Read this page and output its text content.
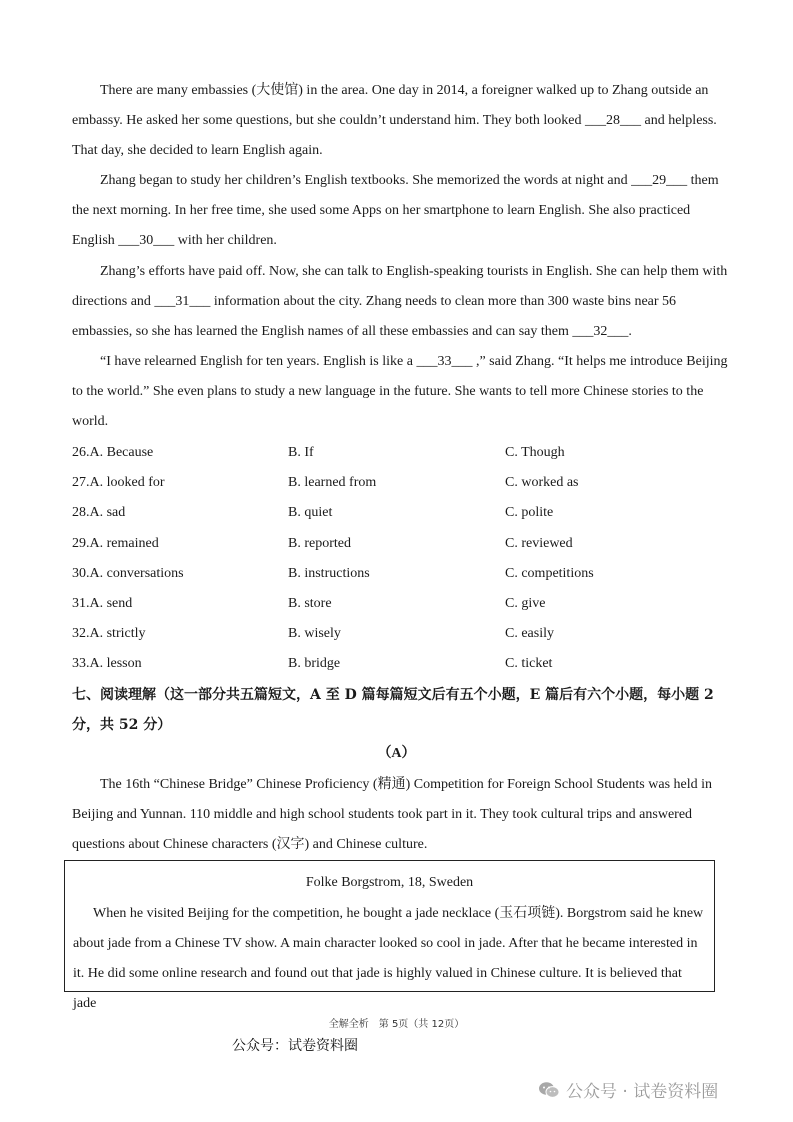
There are many embassies (大使馆) in the area. One day in 2014, a foreigner walked up to Zhang outside an embassy. He asked her some questions, but she couldn’t understand him. They both looked ___28___ and helpless. That day, she decided to learn English again.

Zhang began to study her children’s English textbooks. She memorized the words at night and ___29___ them the next morning. In her free time, she used some Apps on her smartphone to learn English. She also practiced English ___30___ with her children.

Zhang’s efforts have paid off. Now, she can talk to English-speaking tourists in English. She can help them with directions and ___31___ information about the city. Zhang needs to clean more than 300 waste bins near 56 embassies, so she has learned the English names of all these embassies and can say them ___32___.

“I have relearned English for ten years. English is like a ___33___ ,” said Zhang. “It helps me introduce Beijing to the world.” She even plans to study a new language in the future. She wants to tell more Chinese stories to the world.

26.A. Because	B. If	C. Though
27.A. looked for	B. learned from	C. worked as
28.A. sad	B. quiet	C. polite
29.A. remained	B. reported	C. reviewed
30.A. conversations	B. instructions	C. competitions
31.A. send	B. store	C. give
32.A. strictly	B. wisely	C. easily
33.A. lesson	B. bridge	C. ticket
七、阅读理解（这一部分共五篇短文，A 至 D 篇每篇短文后有五个小题，E 篇后有六个小题，每小题 2 分，共 52 分）
（A）

The 16th “Chinese Bridge” Chinese Proficiency (精通) Competition for Foreign School Students was held in Beijing and Yunnan. 110 middle and high school students took part in it. They took cultural trips and answered questions about Chinese characters (汉字) and Chinese culture.

Folke Borgstrom, 18, Sweden

When he visited Beijing for the competition, he bought a jade necklace (玉石项链). Borgstrom said he knew about jade from a Chinese TV show. A main character looked so cool in jade. After that he became interested in it. He did some online research and found out that jade is highly valued in Chinese culture. It is believed that jade

全解全析　第 5页（共 12页）
公众号：试卷资料圈
公众号 · 试卷资料圈
